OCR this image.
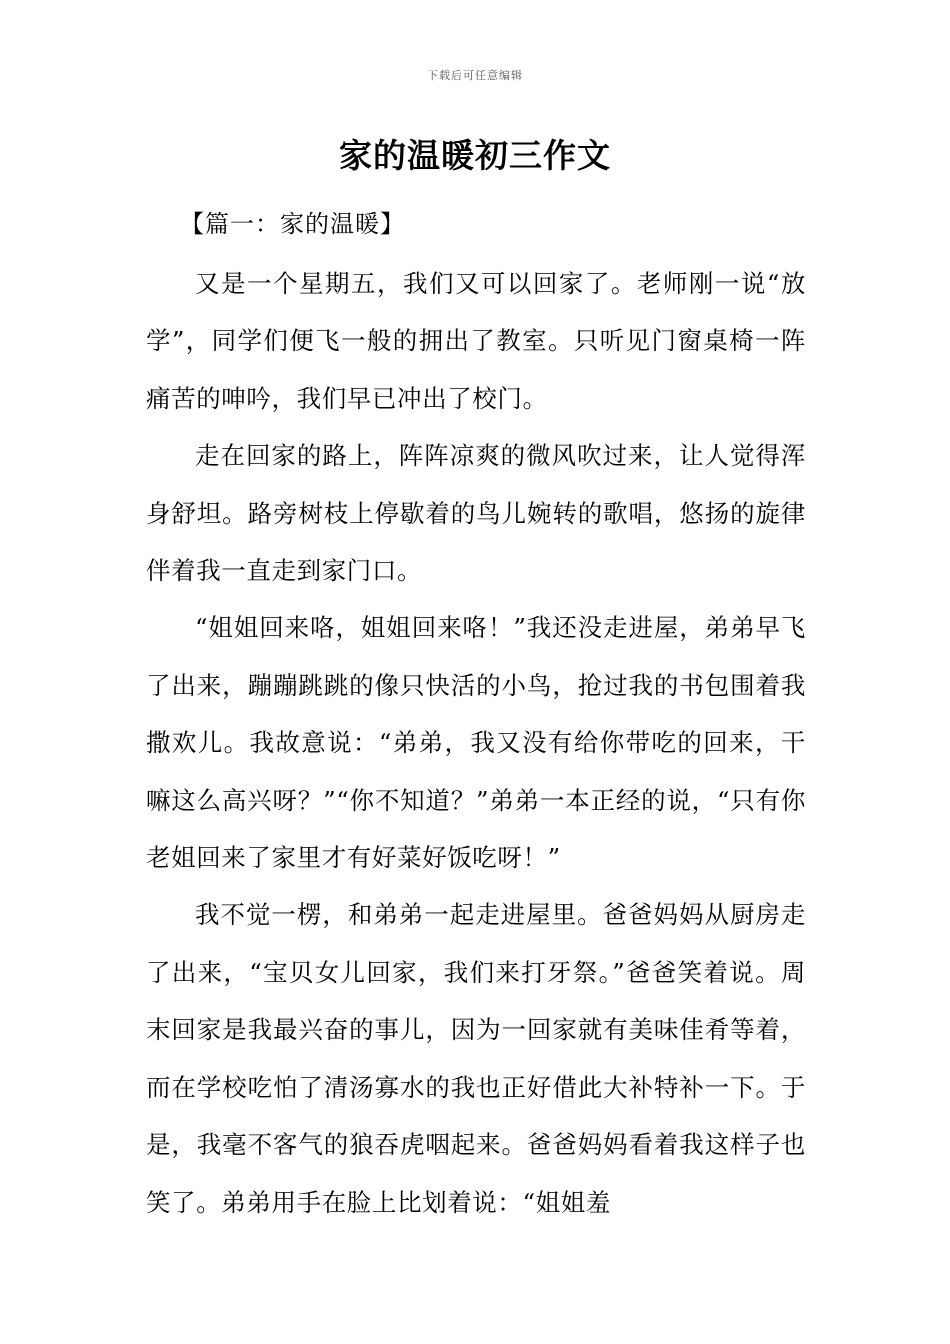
下载后可任意编辑
家的温暖初三作文
【篇一：家的温暖】

又是一个星期五，我们又可以回家了。老师刚一说“放学”，同学们便飞一般的拥出了教室。只听见门窗桌椅一阵痛苦的呻吟，我们早已冲出了校门。

走在回家的路上，阵阵凉爽的微风吹过来，让人觉得浑身舒坦。路旁树枝上停歇着的鸟儿婉转的歌唱，悠扬的旋律伴着我一直走到家门口。

“姐姐回来咯，姐姐回来咯！”我还没走进屋，弟弟早飞了出来，蹦蹦跳跳的像只快活的小鸟，抢过我的书包围着我撒欢儿。我故意说：“弟弟，我又没有给你带吃的回来，干嘛这么高兴呀？”“你不知道？”弟弟一本正经的说，“只有你老姐回来了家里才有好菜好饭吃呀！”

我不觉一楞，和弟弟一起走进屋里。爸爸妈妈从厨房走了出来，“宝贝女儿回家，我们来打牙祭。”爸爸笑着说。周末回家是我最兴奋的事儿，因为一回家就有美味佳肴等着，而在学校吃怕了清汤寡水的我也正好借此大补特补一下。于是，我毫不客气的狼吞虎咽起来。爸爸妈妈看着我这样子也笑了。弟弟用手在脸上比划着说：“姐姐羞
